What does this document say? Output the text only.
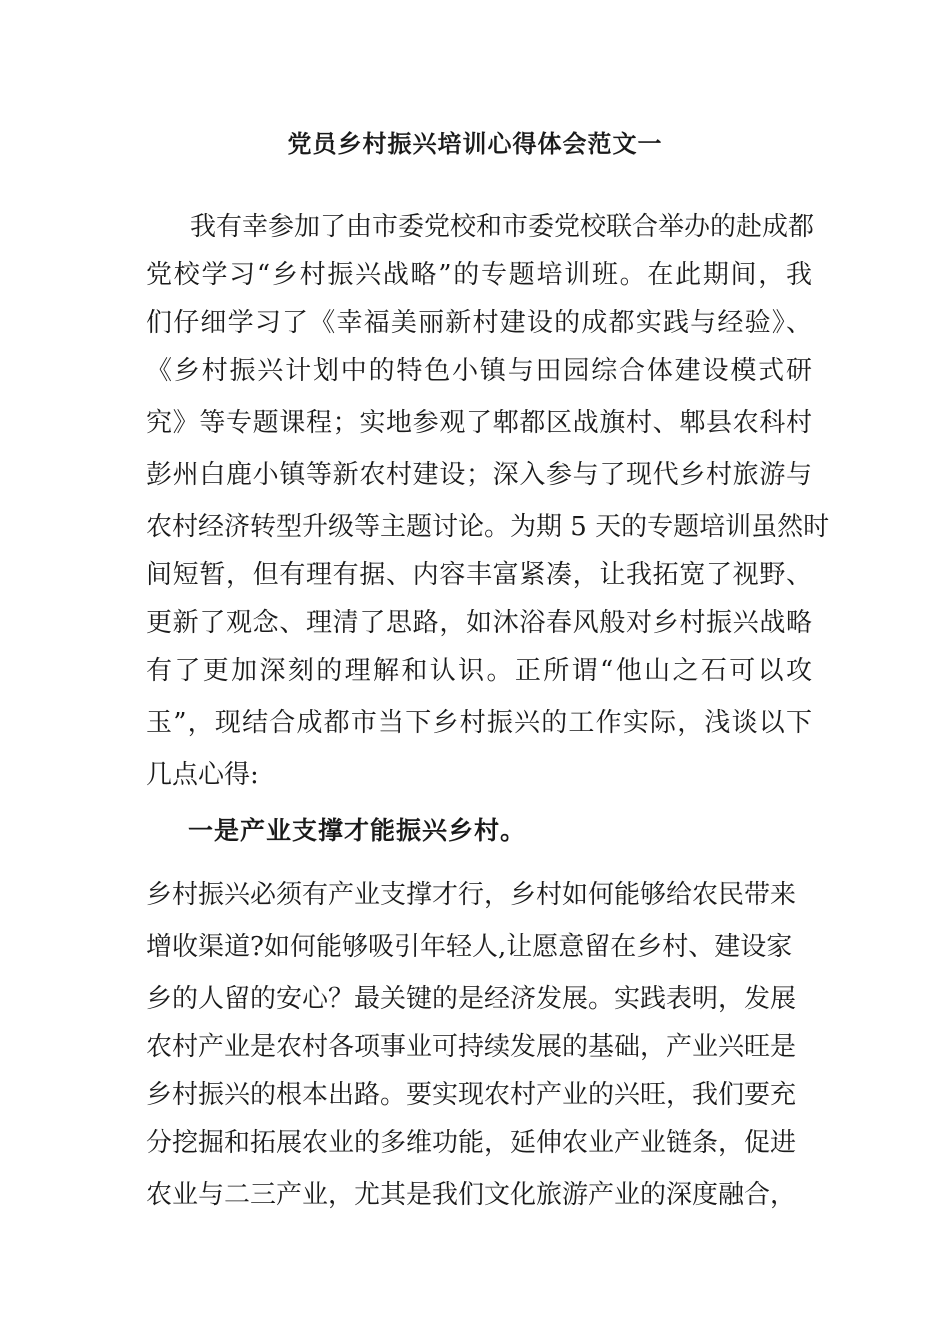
党员乡村振兴培训心得体会范文一
我有幸参加了由市委党校和市委党校联合举办的赴成都
党校学习“乡村振兴战略”的专题培训班。在此期间，我
们仔细学习了《幸福美丽新村建设的成都实践与经验》、
《乡村振兴计划中的特色小镇与田园综合体建设模式研
究》等专题课程；实地参观了郫都区战旗村、郫县农科村
彭州白鹿小镇等新农村建设；深入参与了现代乡村旅游与
农村经济转型升级等主题讨论。为期 5 天的专题培训虽然时
间短暂，但有理有据、内容丰富紧凑，让我拓宽了视野、
更新了观念、理清了思路，如沐浴春风般对乡村振兴战略
有了更加深刻的理解和认识。正所谓“他山之石可以攻
玉”，现结合成都市当下乡村振兴的工作实际，浅谈以下
几点心得:
一是产业支撑才能振兴乡村。
乡村振兴必须有产业支撑才行，乡村如何能够给农民带来
增收渠道?如何能够吸引年轻人,让愿意留在乡村、建设家
乡的人留的安心？最关键的是经济发展。实践表明，发展
农村产业是农村各项事业可持续发展的基础，产业兴旺是
乡村振兴的根本出路。要实现农村产业的兴旺，我们要充
分挖掘和拓展农业的多维功能，延伸农业产业链条，促进
农业与二三产业，尤其是我们文化旅游产业的深度融合，
